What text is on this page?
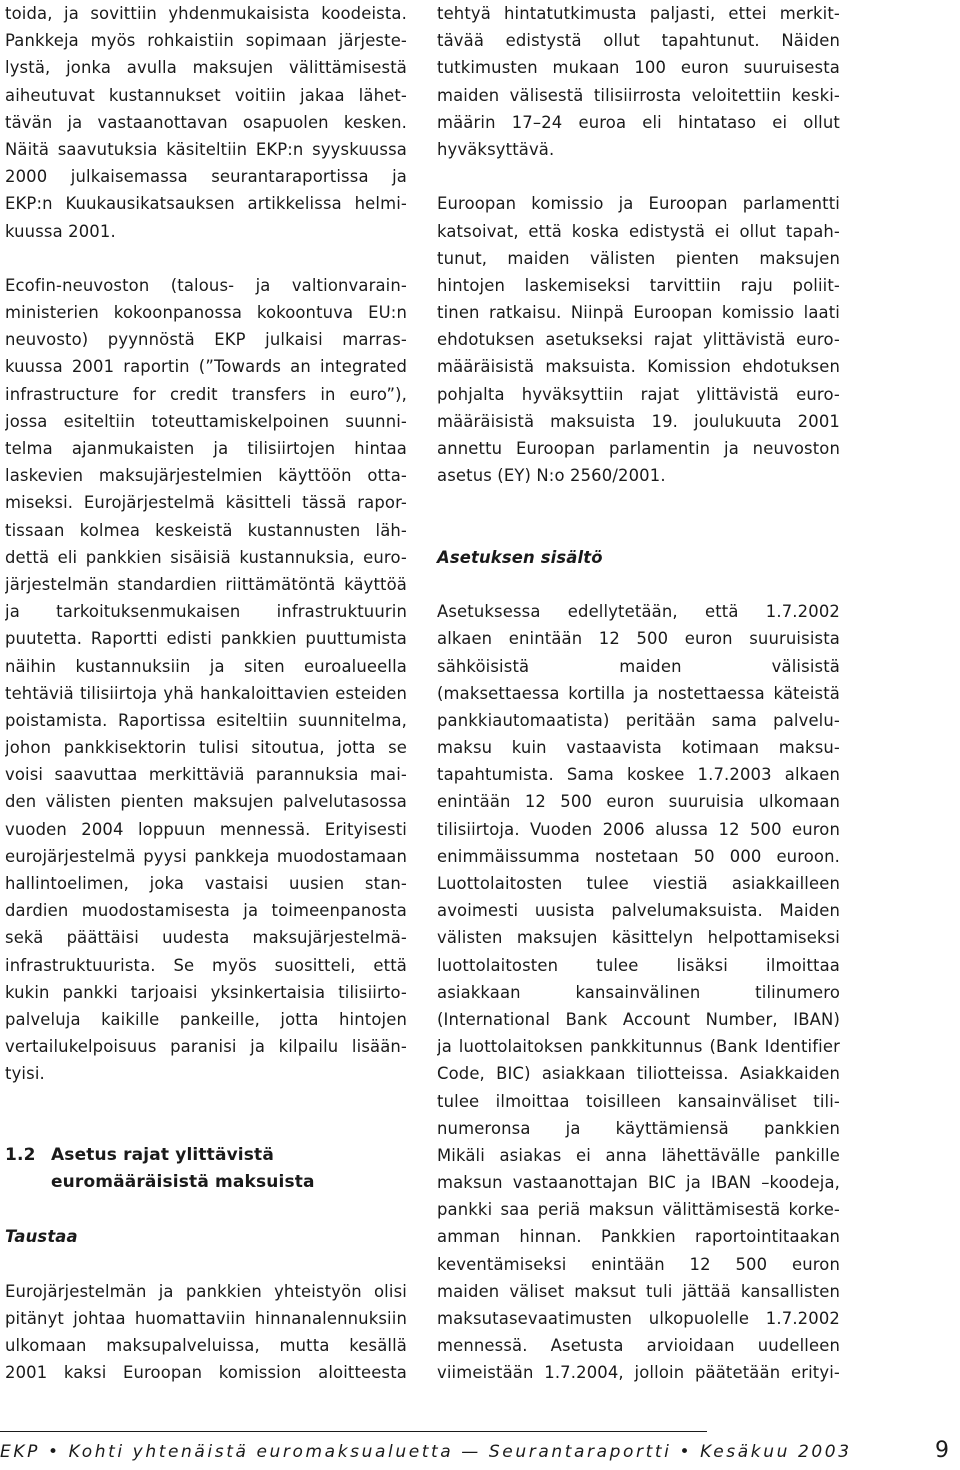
toida, ja sovittiin yhdenmukaisista koodeista.
Pankkeja myös rohkaistiin sopimaan järjeste-
lystä, jonka avulla maksujen välittämisestä
aiheutuvat kustannukset voitiin jakaa lähet-
tävän ja vastaanottavan osapuolen kesken.
Näitä saavutuksia käsiteltiin EKP:n syyskuussa
2000 julkaisemassa seurantaraportissa ja
EKP:n Kuukausikatsauksen artikkelissa helmi-
kuussa 2001.
Ecofin-neuvoston (talous- ja valtionvarain-
ministerien kokoonpanossa kokoontuva EU:n
neuvosto) pyynnöstä EKP julkaisi marras-
kuussa 2001 raportin (”Towards an integrated
infrastructure for credit transfers in euro”),
jossa esiteltiin toteuttamiskelpoinen suunni-
telma ajanmukaisten ja tilisiirtojen hintaa
laskevien maksujärjestelmien käyttöön otta-
miseksi. Eurojärjestelmä käsitteli tässä rapor-
tissaan kolmea keskeistä kustannusten läh-
dettä eli pankkien sisäisiä kustannuksia, euro-
järjestelmän standardien riittämätöntä käyttöä
ja tarkoituksenmukaisen infrastruktuurin
puutetta. Raportti edisti pankkien puuttumista
näihin kustannuksiin ja siten euroalueella
tehtäviä tilisiirtoja yhä hankaloittavien esteiden
poistamista. Raportissa esiteltiin suunnitelma,
johon pankkisektorin tulisi sitoutua, jotta se
voisi saavuttaa merkittäviä parannuksia mai-
den välisten pienten maksujen palvelutasossa
vuoden 2004 loppuun mennessä. Erityisesti
eurojärjestelmä pyysi pankkeja muodostamaan
hallintoelimen, joka vastaisi uusien stan-
dardien muodostamisesta ja toimeenpanosta
sekä päättäisi uudesta maksujärjestelmä-
infrastruktuurista. Se myös suositteli, että
kukin pankki tarjoaisi yksinkertaisia tilisiirto-
palveluja kaikille pankeille, jotta hintojen
vertailukelpoisuus paranisi ja kilpailu lisään-
tyisi.
1.2 Asetus rajat ylittävistä
euromääräisistä maksuista
Taustaa
Eurojärjestelmän ja pankkien yhteistyön olisi
pitänyt johtaa huomattaviin hinnanalennuksiin
ulkomaan maksupalveluissa, mutta kesällä
2001 kaksi Euroopan komission aloitteesta
tehtyä hintatutkimusta paljasti, ettei merkit-
tävää edistystä ollut tapahtunut. Näiden
tutkimusten mukaan 100 euron suuruisesta
maiden välisestä tilisiirrosta veloitettiin keski-
määrin 17–24 euroa eli hintataso ei ollut
hyväksyttävä.
Euroopan komissio ja Euroopan parlamentti
katsoivat, että koska edistystä ei ollut tapah-
tunut, maiden välisten pienten maksujen
hintojen laskemiseksi tarvittiin raju poliit-
tinen ratkaisu. Niinpä Euroopan komissio laati
ehdotuksen asetukseksi rajat ylittävistä euro-
määräisistä maksuista. Komission ehdotuksen
pohjalta hyväksyttiin rajat ylittävistä euro-
määräisistä maksuista 19. joulukuuta 2001
annettu Euroopan parlamentin ja neuvoston
asetus (EY) N:o 2560/2001.
Asetuksen sisältö
Asetuksessa edellytetään, että 1.7.2002
alkaen enintään 12 500 euron suuruisista
sähköisistä maiden välisistä
(maksettaessa kortilla ja nostettaessa käteistä
pankkiautomaatista) peritään sama palvelu-
maksu kuin vastaavista kotimaan maksu-
tapahtumista. Sama koskee 1.7.2003 alkaen
enintään 12 500 euron suuruisia ulkomaan
tilisiirtoja. Vuoden 2006 alussa 12 500 euron
enimmäissumma nostetaan 50 000 euroon.
Luottolaitosten tulee viestiä asiakkailleen
avoimesti uusista palvelumaksuista. Maiden
välisten maksujen käsittelyn helpottamiseksi
luottolaitosten tulee lisäksi ilmoittaa
asiakkaan kansainvälinen tilinumero
(International Bank Account Number, IBAN)
ja luottolaitoksen pankkitunnus (Bank Identifier
Code, BIC) asiakkaan tiliotteissa. Asiakkaiden
tulee ilmoittaa toisilleen kansainväliset tili-
numeronsa ja käyttämiensä pankkien
Mikäli asiakas ei anna lähettävälle pankille
maksun vastaanottajan BIC ja IBAN –koodeja,
pankki saa periä maksun välittämisestä korke-
amman hinnan. Pankkien raportointitaakan
keventämiseksi enintään 12 500 euron
maiden väliset maksut tuli jättää kansallisten
maksutasevaatimusten ulkopuolelle 1.7.2002
mennessä. Asetusta arvioidaan uudelleen
viimeistään 1.7.2004, jolloin päätetään erityi-
EKP • Kohti yhtenäistä euromaksualuetta — Seurantaraportti • Kesäkuu 2003	9
